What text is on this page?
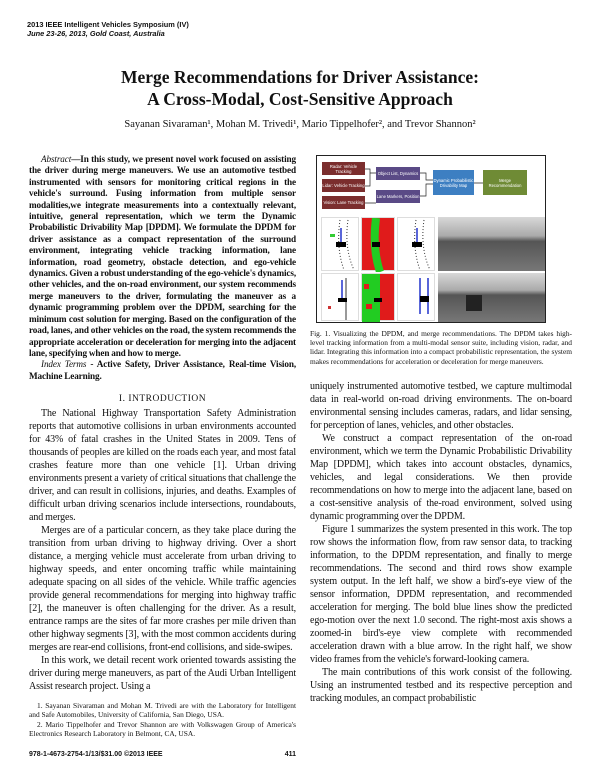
2013 IEEE Intelligent Vehicles Symposium (IV)
June 23-26, 2013, Gold Coast, Australia
Merge Recommendations for Driver Assistance:
A Cross-Modal, Cost-Sensitive Approach
Sayanan Sivaraman¹, Mohan M. Trivedi¹, Mario Tippelhofer², and Trevor Shannon²

Abstract—In this study, we present novel work focused on assisting the driver during merge maneuvers. We use an automotive testbed instrumented with sensors for monitoring critical regions in the vehicle's surround. Fusing information from multiple sensor modalities,we integrate measurements into a contextually relevant, intuitive, general representation, which we term the Dynamic Probabilistic Drivability Map [DPDM]. We formulate the DPDM for driver assistance as a compact representation of the surround environment, integrating vehicle tracking information, lane information, road geometry, obstacle detection, and ego-vehicle dynamics. Given a robust understanding of the ego-vehicle's dynamics, other vehicles, and the on-road environment, our system recommends merge maneuvers to the driver, formulating the maneuver as a dynamic programming problem over the DPDM, searching for the minimum cost solution for merging. Based on the configuration of the road, lanes, and other vehicles on the road, the system recommends the appropriate acceleration or deceleration for merging into the adjacent lane, specifying when and how to merge.

Index Terms - Active Safety, Driver Assistance, Real-time Vision, Machine Learning.

I. INTRODUCTION

The National Highway Transportation Safety Administration reports that automotive collisions in urban environments accounted for 43% of fatal crashes in the United States in 2009. Tens of thousands of peoples are killed on the roads each year, and most fatal crashes feature more than one vehicle [1]. Urban driving environments present a variety of critical situations that challenge the driver, and can result in collisions, injuries, and deaths. Examples of difficult urban driving scenarios include intersections, roundabouts, and merges.

Merges are of a particular concern, as they take place during the transition from urban driving to highway driving. Over a short distance, a merging vehicle must accelerate from urban driving to highway speeds, and enter oncoming traffic while maintaining adequate spacing on all sides of the vehicle. While traffic agencies provide general recommendations for merging into highway traffic [2], the maneuver is often challenging for the driver. As a result, entrance ramps are the sites of far more crashes per mile driven than other highway segments [3], with the most common accidents during merges are rear-end collisions, front-end collisions, and side-swipes.

In this work, we detail recent work oriented towards assisting the driver during merge maneuvers, as part of the Audi Urban Intelligent Assist research project. Using a

1. Sayanan Sivaraman and Mohan M. Trivedi are with the Laboratory for Intelligent and Safe Automobiles, University of California, San Diego, USA.
2. Mario Tippelhofer and Trevor Shannon are with Volkswagen Group of America's Electronics Research Laboratory in Belmont, CA, USA.
978-1-4673-2754-1/13/$31.00 ©2013 IEEE	411
Radar: Vehicle Tracking
Lidar: Vehicle Tracking
Vision: Lane Tracking
Object List, Dynamics
Lane Markers, Position
Dynamic Probabilistic Drivability Map
Merge Recommendation
Fig. 1. Visualizing the DPDM, and merge recommendations. The DPDM takes high-level tracking information from a multi-modal sensor suite, including vision, radar, and lidar. Integrating this information into a compact probabilistic representation, the system makes recommendations for acceleration or deceleration for merge maneuvers.

uniquely instrumented automotive testbed, we capture multimodal data in real-world on-road driving environments. The on-board environmental sensing includes cameras, radars, and lidar sensing, for perception of lanes, vehicles, and other obstacles.

We construct a compact representation of the on-road environment, which we term the Dynamic Probabilistic Drivability Map [DPDM], which takes into account obstacles, dynamics, vehicles, and legal considerations. We then provide recommendations on how to merge into the adjacent lane, based on a cost-sensitive analysis of the-road environment, solved using dynamic programming over the DPDM.

Figure 1 summarizes the system presented in this work. The top row shows the information flow, from raw sensor data, to tracking information, to the DPDM representation, and finally to merge recommendations. The second and third rows show example system output. In the left half, we show a bird's-eye view of the sensor information, DPDM representation, and recommended acceleration for merging. The bold blue lines show the predicted ego-motion over the next 1.0 second. The right-most axis shows a zoomed-in bird's-eye view complete with recommended acceleration drawn with a blue arrow. In the right half, we show video frames from the vehicle's forward-looking camera.

The main contributions of this work consist of the following. Using an instrumented testbed and its respective perception and tracking modules, an compact probabilistic
